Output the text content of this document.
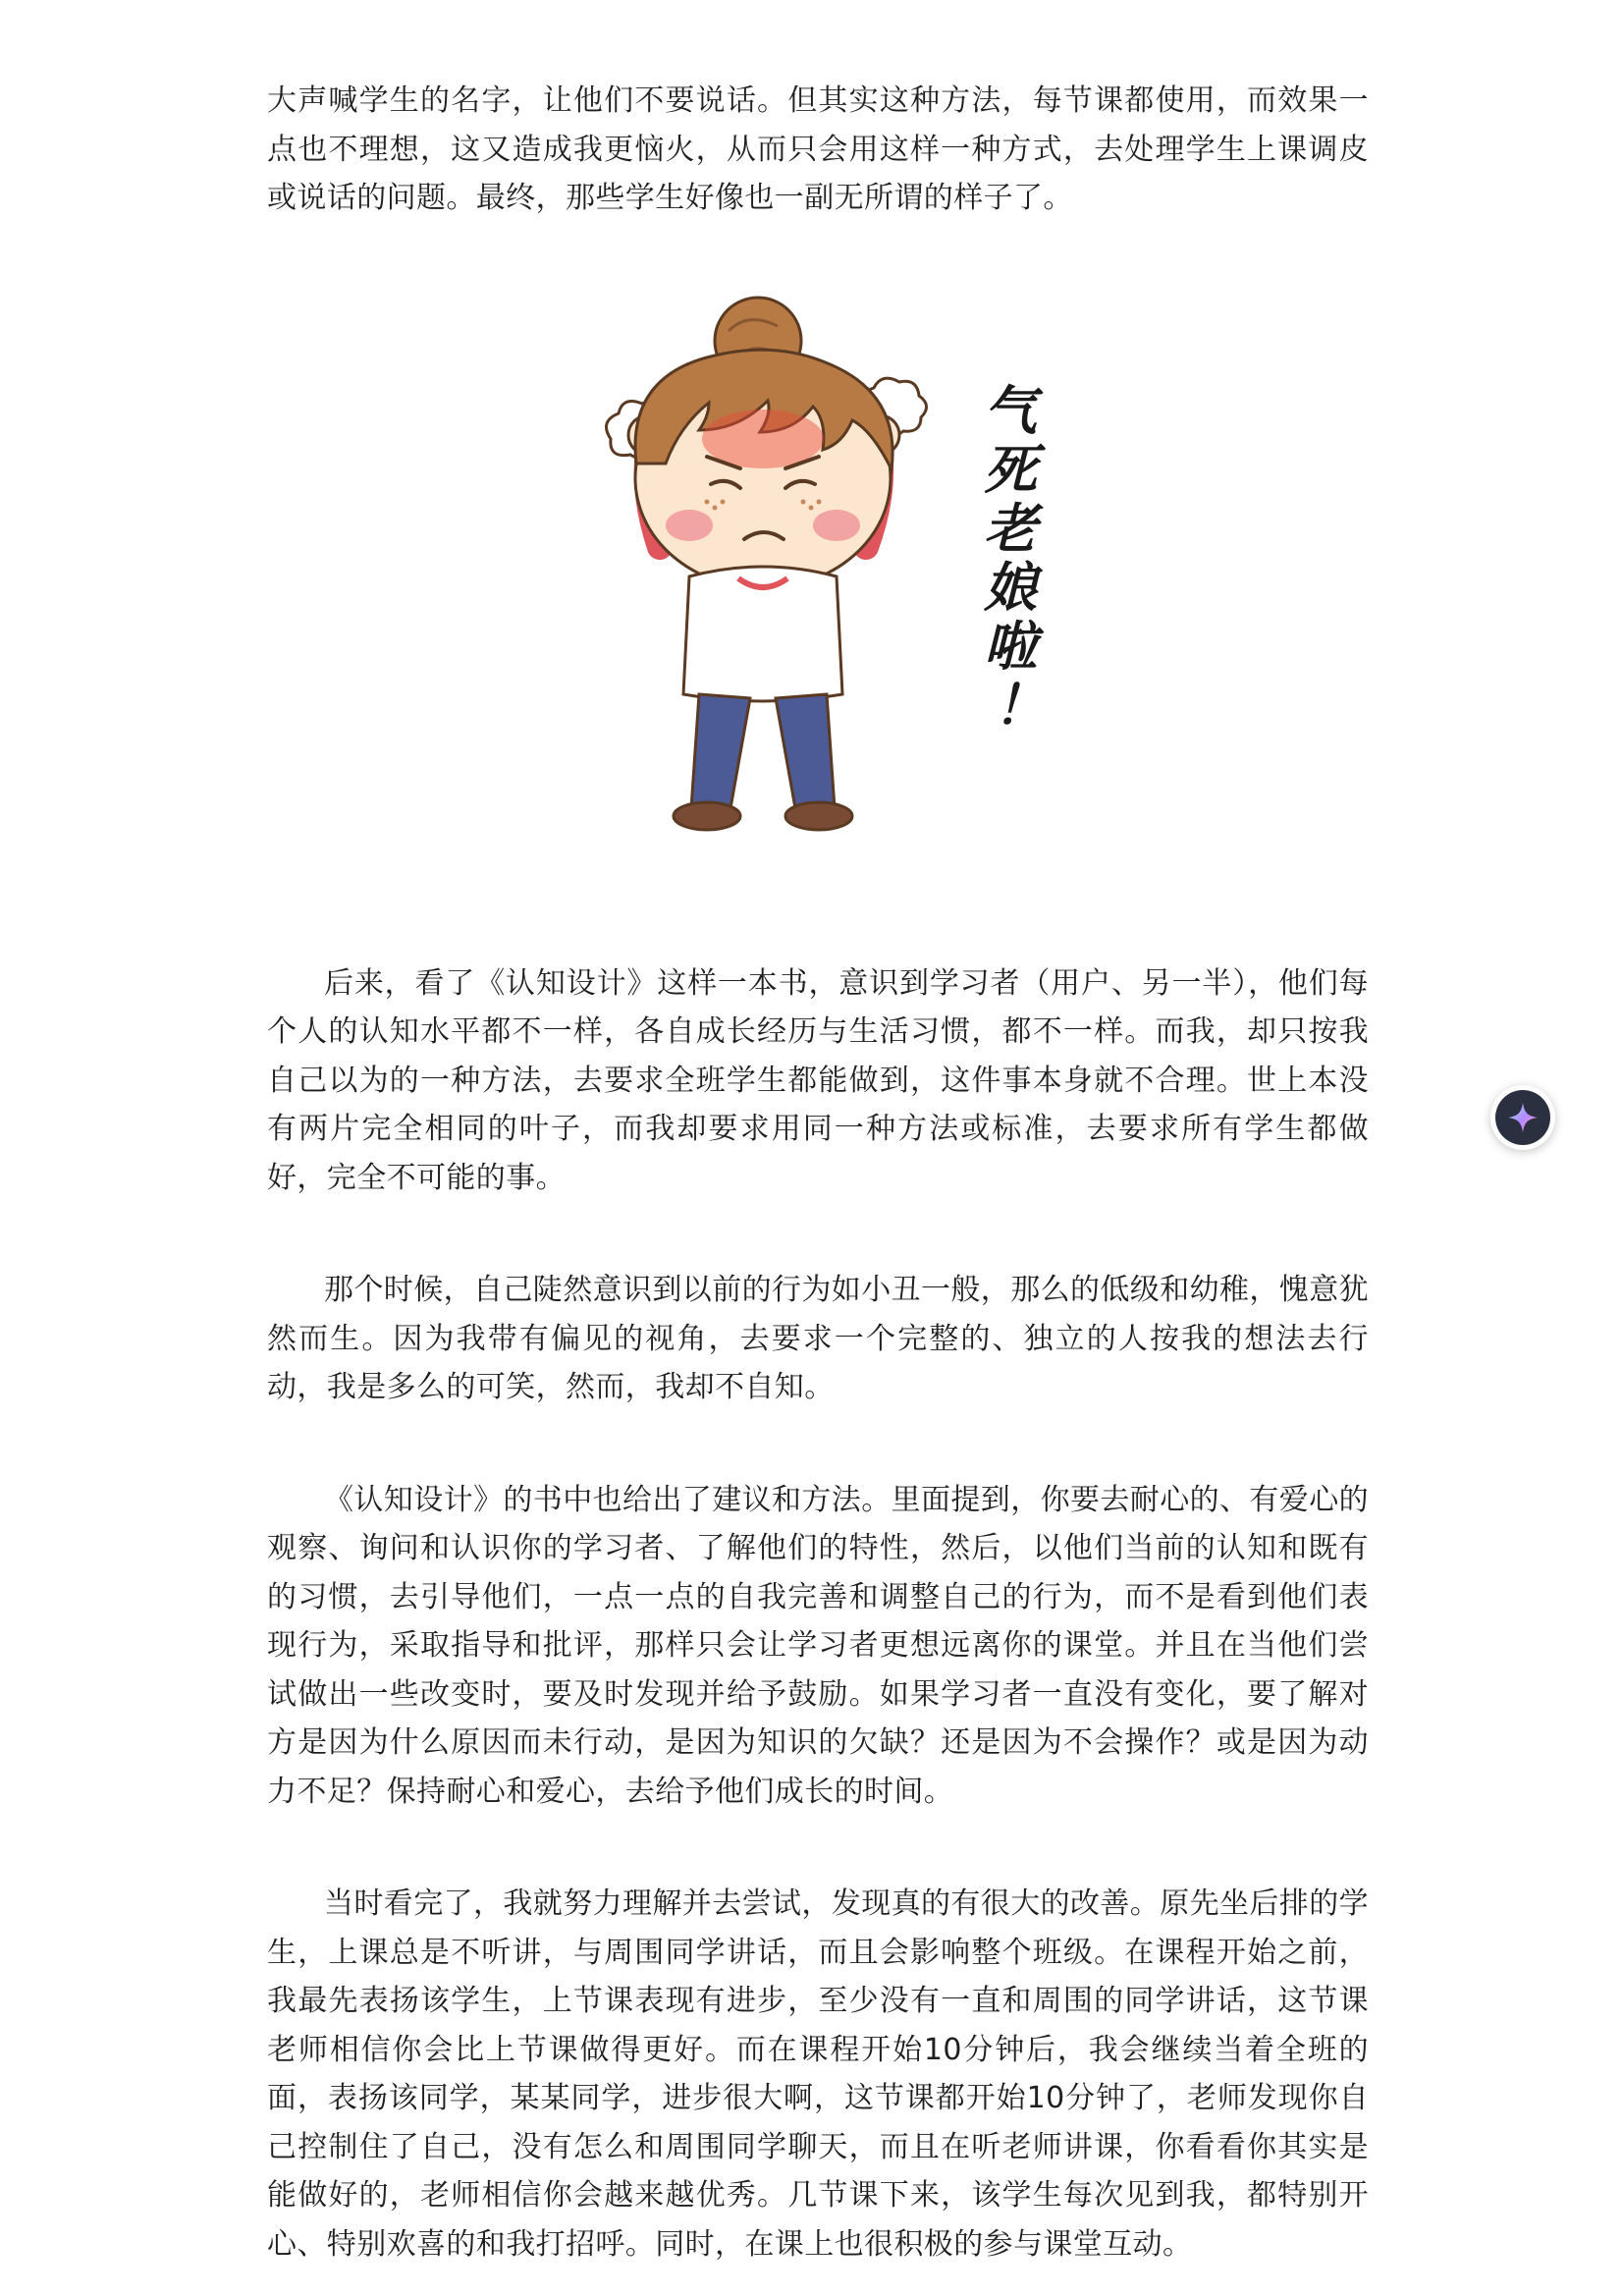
大声喊学生的名字，让他们不要说话。但其实这种方法，每节课都使用，而效果一点也不理想，这又造成我更恼火，从而只会用这样一种方式，去处理学生上课调皮或说话的问题。最终，那些学生好像也一副无所谓的样子了。

气
死
老
娘
啦
！

后来，看了《认知设计》这样一本书，意识到学习者（用户、另一半），他们每个人的认知水平都不一样，各自成长经历与生活习惯，都不一样。而我，却只按我自己以为的一种方法，去要求全班学生都能做到，这件事本身就不合理。世上本没有两片完全相同的叶子，而我却要求用同一种方法或标准，去要求所有学生都做好，完全不可能的事。

那个时候，自己陡然意识到以前的行为如小丑一般，那么的低级和幼稚，愧意犹然而生。因为我带有偏见的视角，去要求一个完整的、独立的人按我的想法去行动，我是多么的可笑，然而，我却不自知。

《认知设计》的书中也给出了建议和方法。里面提到，你要去耐心的、有爱心的观察、询问和认识你的学习者、了解他们的特性，然后，以他们当前的认知和既有的习惯，去引导他们，一点一点的自我完善和调整自己的行为，而不是看到他们表现行为，采取指导和批评，那样只会让学习者更想远离你的课堂。并且在当他们尝试做出一些改变时，要及时发现并给予鼓励。如果学习者一直没有变化，要了解对方是因为什么原因而未行动，是因为知识的欠缺？还是因为不会操作？或是因为动力不足？保持耐心和爱心，去给予他们成长的时间。

当时看完了，我就努力理解并去尝试，发现真的有很大的改善。原先坐后排的学生，上课总是不听讲，与周围同学讲话，而且会影响整个班级。在课程开始之前，我最先表扬该学生，上节课表现有进步，至少没有一直和周围的同学讲话，这节课老师相信你会比上节课做得更好。而在课程开始10分钟后，我会继续当着全班的面，表扬该同学，某某同学，进步很大啊，这节课都开始10分钟了，老师发现你自己控制住了自己，没有怎么和周围同学聊天，而且在听老师讲课，你看看你其实是能做好的，老师相信你会越来越优秀。几节课下来，该学生每次见到我，都特别开心、特别欢喜的和我打招呼。同时，在课上也很积极的参与课堂互动。
